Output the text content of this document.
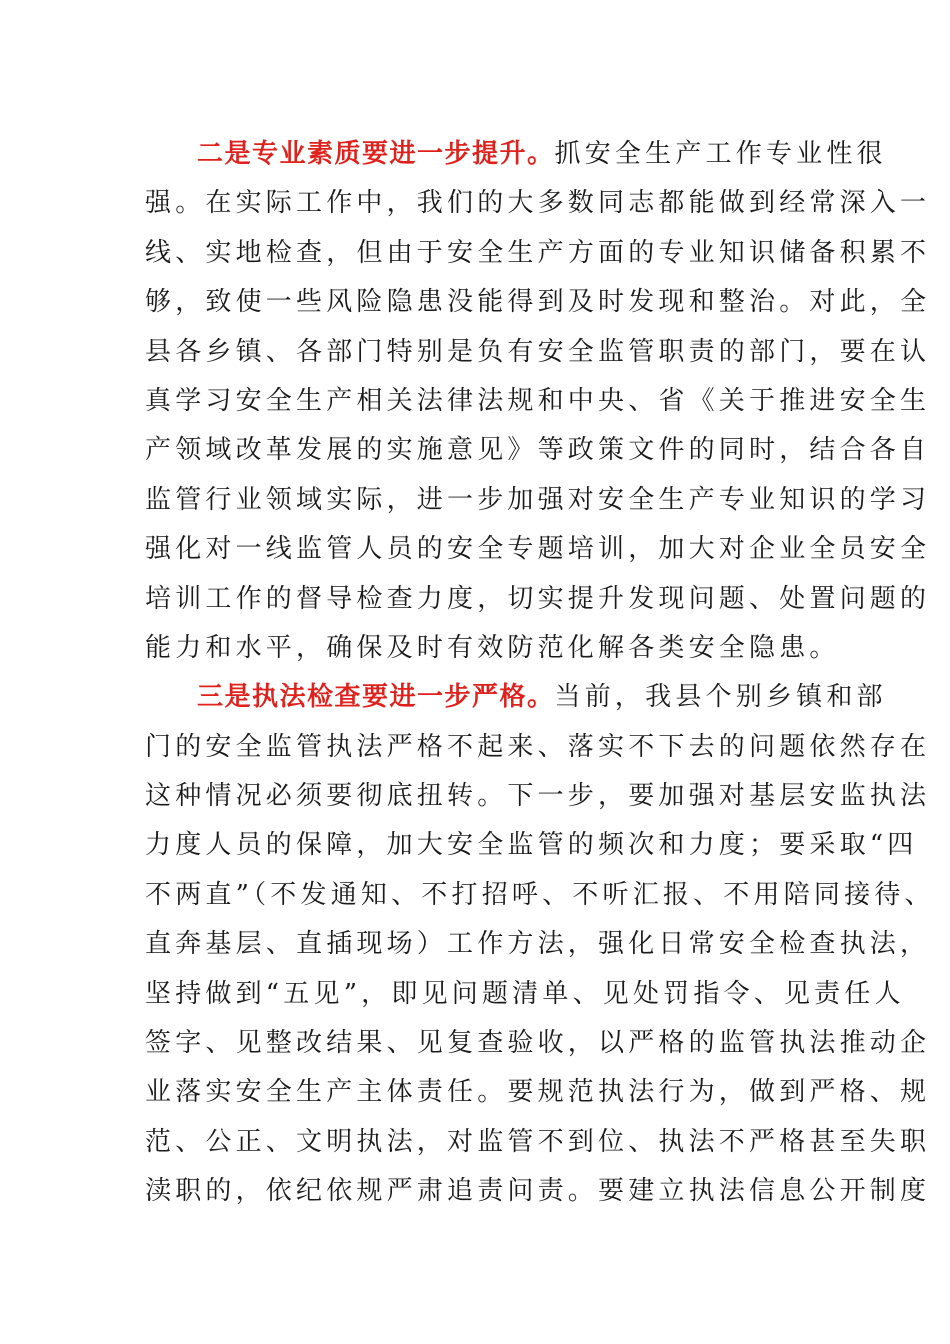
二是专业素质要进一步提升。抓安全生产工作专业性很
强。在实际工作中，我们的大多数同志都能做到经常深入一
线、实地检查，但由于安全生产方面的专业知识储备积累不
够，致使一些风险隐患没能得到及时发现和整治。对此，全
县各乡镇、各部门特别是负有安全监管职责的部门，要在认
真学习安全生产相关法律法规和中央、省《关于推进安全生
产领域改革发展的实施意见》等政策文件的同时，结合各自
监管行业领域实际，进一步加强对安全生产专业知识的学习
强化对一线监管人员的安全专题培训，加大对企业全员安全
培训工作的督导检查力度，切实提升发现问题、处置问题的
能力和水平，确保及时有效防范化解各类安全隐患。
三是执法检查要进一步严格。当前，我县个别乡镇和部
门的安全监管执法严格不起来、落实不下去的问题依然存在
这种情况必须要彻底扭转。下一步，要加强对基层安监执法
力度人员的保障，加大安全监管的频次和力度；要采取“四
不两直”（不发通知、不打招呼、不听汇报、不用陪同接待、
直奔基层、直插现场）工作方法，强化日常安全检查执法，
坚持做到“五见”，即见问题清单、见处罚指令、见责任人
签字、见整改结果、见复查验收，以严格的监管执法推动企
业落实安全生产主体责任。要规范执法行为，做到严格、规
范、公正、文明执法，对监管不到位、执法不严格甚至失职
渎职的，依纪依规严肃追责问责。要建立执法信息公开制度
